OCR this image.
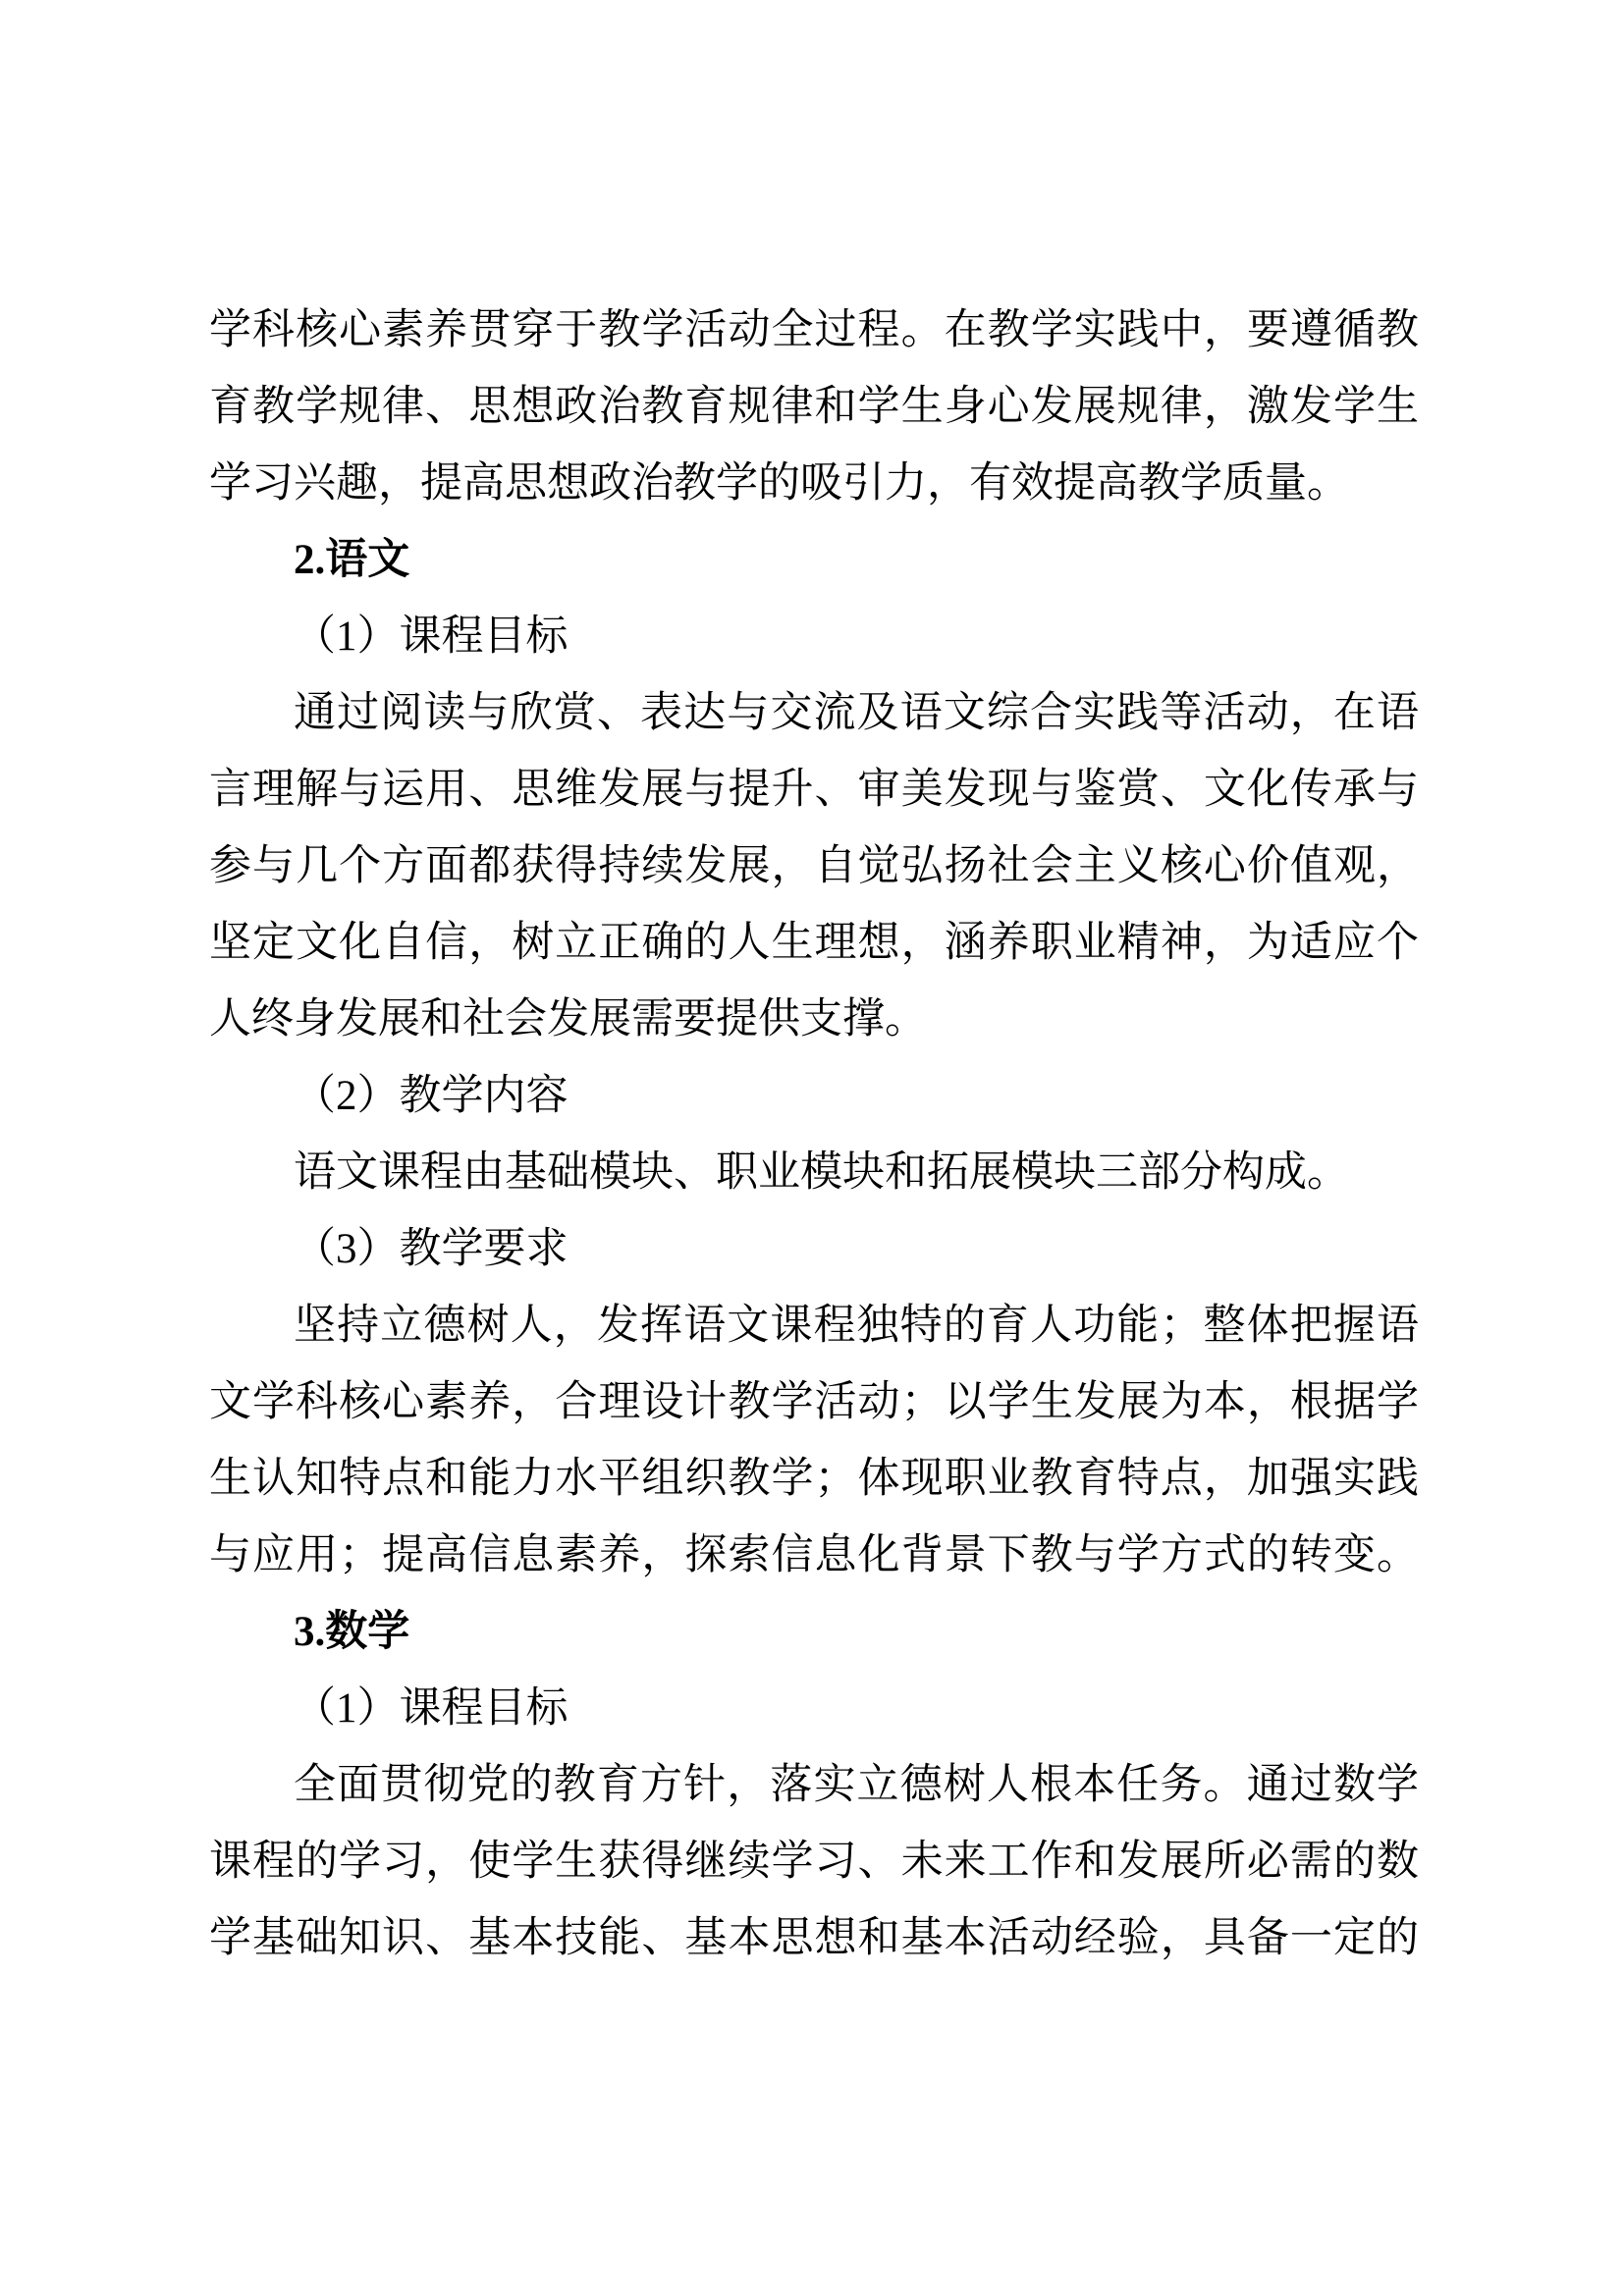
学科核心素养贯穿于教学活动全过程。在教学实践中，要遵循教
育教学规律、思想政治教育规律和学生身心发展规律，激发学生
学习兴趣，提高思想政治教学的吸引力，有效提高教学质量。
2.语文
（1）课程目标
通过阅读与欣赏、表达与交流及语文综合实践等活动，在语
言理解与运用、思维发展与提升、审美发现与鉴赏、文化传承与
参与几个方面都获得持续发展，自觉弘扬社会主义核心价值观，
坚定文化自信，树立正确的人生理想，涵养职业精神，为适应个
人终身发展和社会发展需要提供支撑。
（2）教学内容
语文课程由基础模块、职业模块和拓展模块三部分构成。
（3）教学要求
坚持立德树人，发挥语文课程独特的育人功能；整体把握语
文学科核心素养，合理设计教学活动；以学生发展为本，根据学
生认知特点和能力水平组织教学；体现职业教育特点，加强实践
与应用；提高信息素养，探索信息化背景下教与学方式的转变。
3.数学
（1）课程目标
全面贯彻党的教育方针，落实立德树人根本任务。通过数学
课程的学习，使学生获得继续学习、未来工作和发展所必需的数
学基础知识、基本技能、基本思想和基本活动经验，具备一定的
